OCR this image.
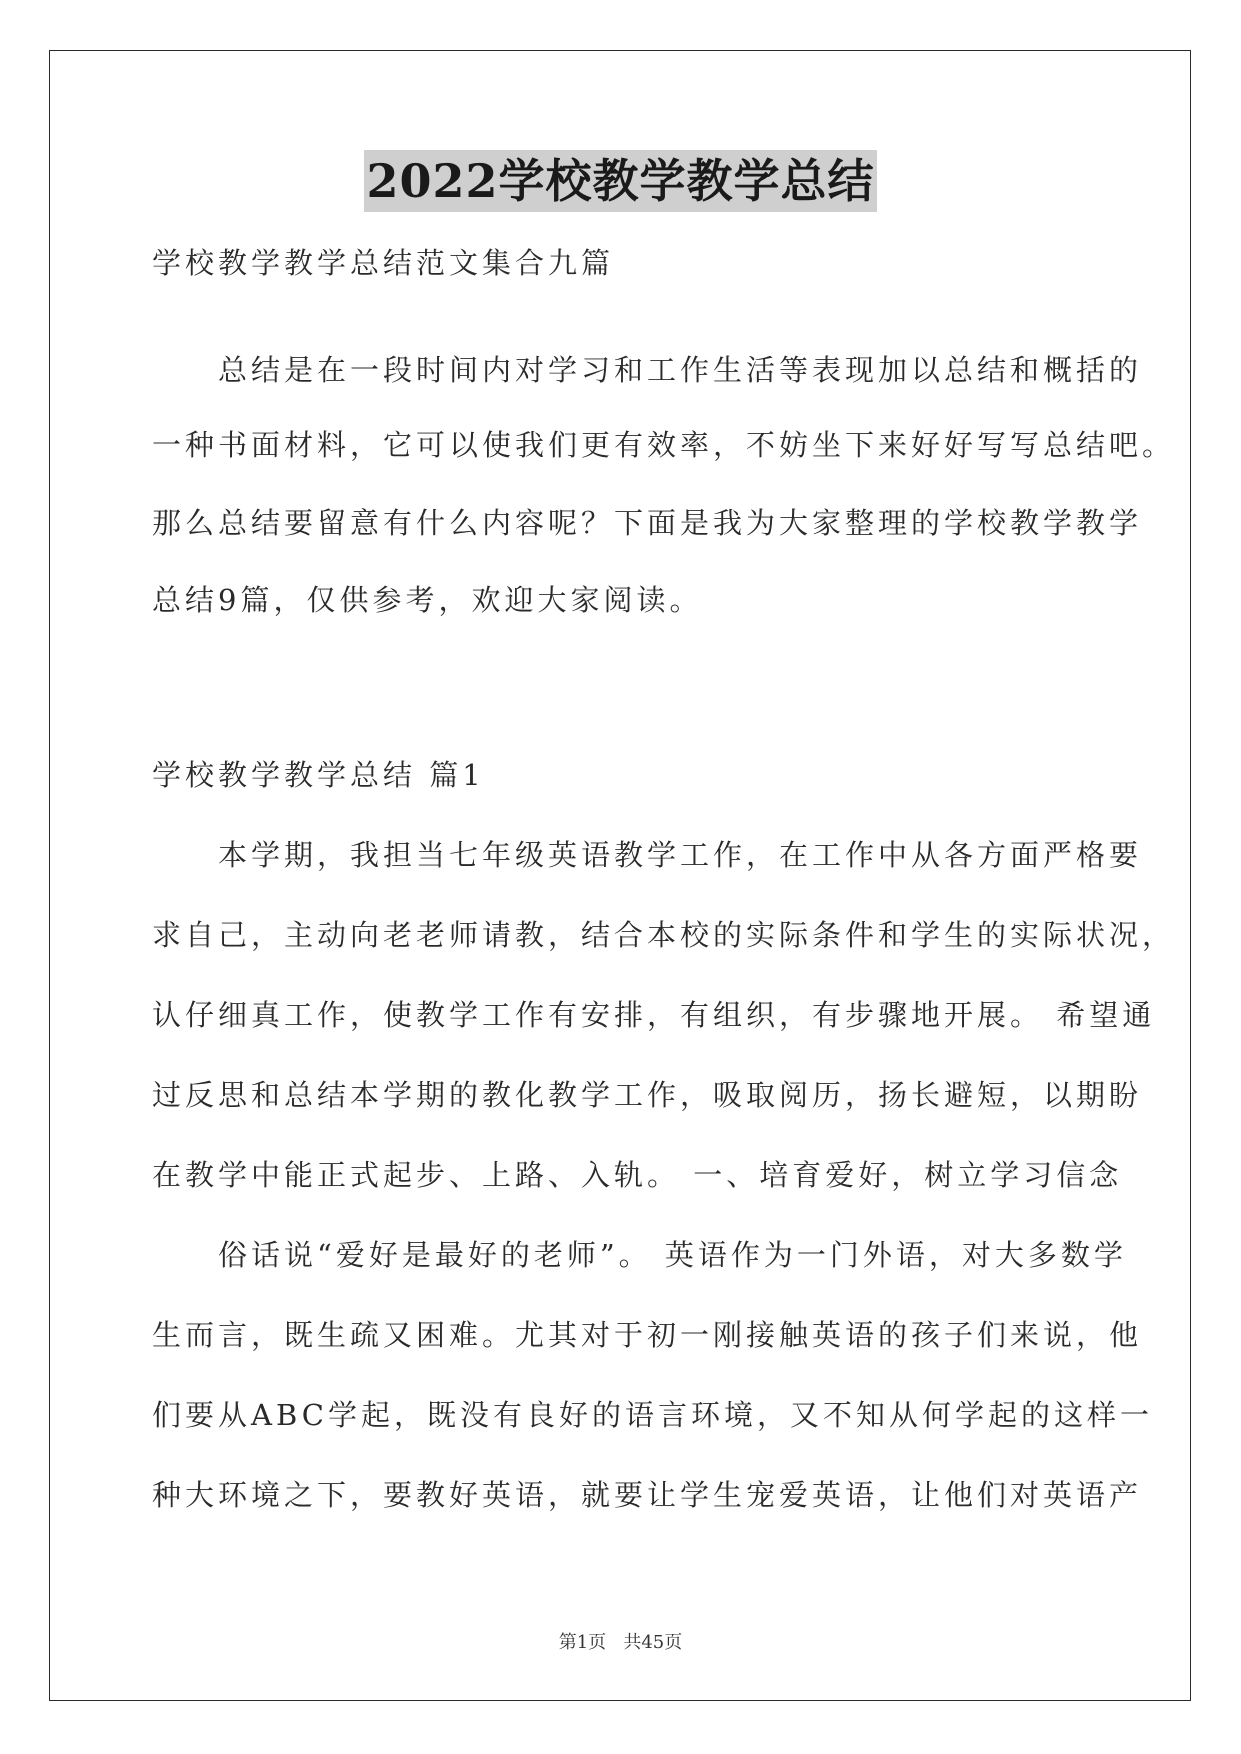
2022学校教学教学总结
学校教学教学总结范文集合九篇
　　总结是在一段时间内对学习和工作生活等表现加以总结和概括的
一种书面材料，它可以使我们更有效率，不妨坐下来好好写写总结吧。
那么总结要留意有什么内容呢？下面是我为大家整理的学校教学教学
总结9篇，仅供参考，欢迎大家阅读。
学校教学教学总结 篇1
　　本学期，我担当七年级英语教学工作，在工作中从各方面严格要
求自己，主动向老老师请教，结合本校的实际条件和学生的实际状况，
认仔细真工作，使教学工作有安排，有组织，有步骤地开展。 希望通
过反思和总结本学期的教化教学工作，吸取阅历，扬长避短，以期盼
在教学中能正式起步、上路、入轨。 一、培育爱好，树立学习信念
　　俗话说“爱好是最好的老师”。 英语作为一门外语，对大多数学
生而言，既生疏又困难。尤其对于初一刚接触英语的孩子们来说，他
们要从ABC学起，既没有良好的语言环境，又不知从何学起的这样一
种大环境之下，要教好英语，就要让学生宠爱英语，让他们对英语产
第1页   共45页
